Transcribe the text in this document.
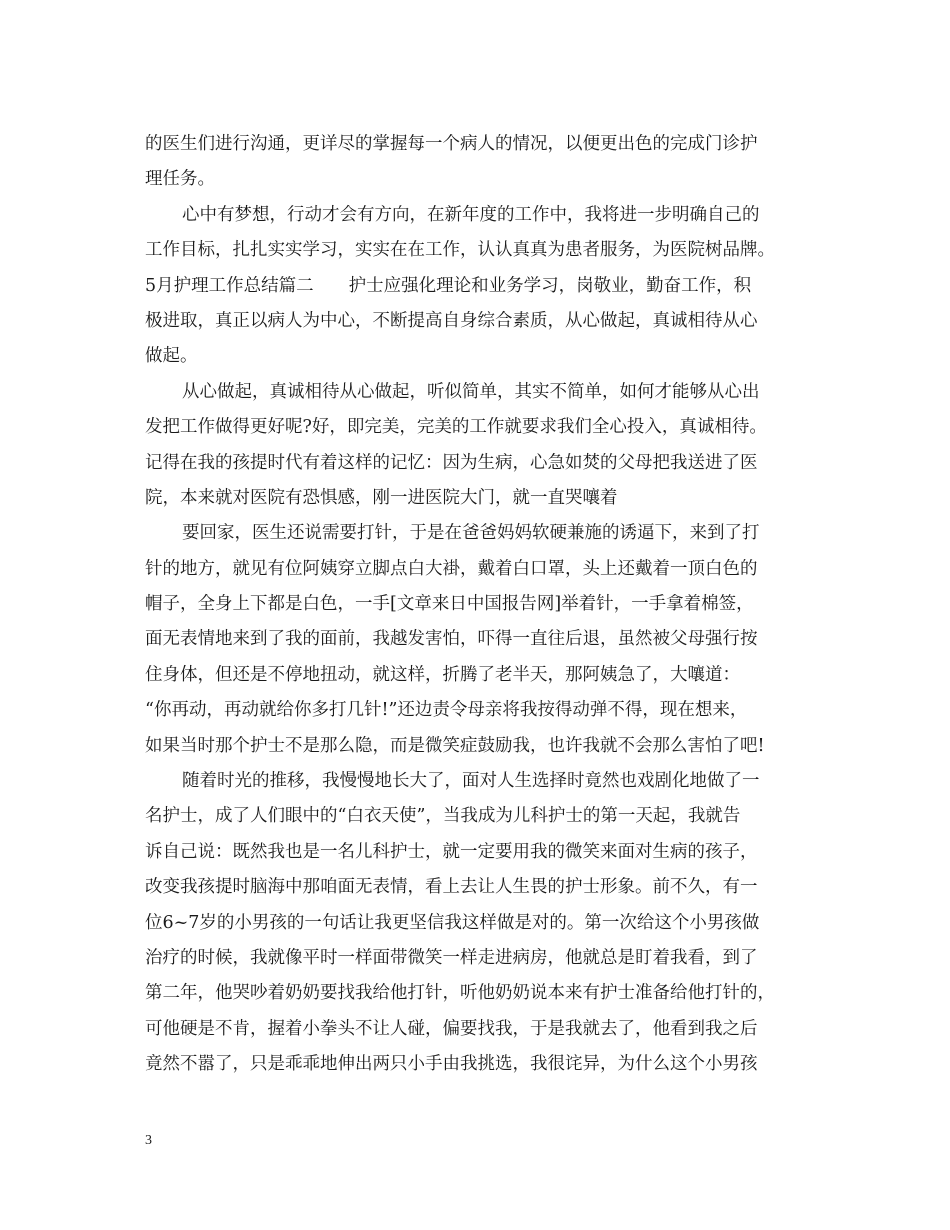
的医生们进行沟通，更详尽的掌握每一个病人的情况，以便更出色的完成门诊护
理任务。
心中有梦想，行动才会有方向，在新年度的工作中，我将进一步明确自己的
工作目标，扎扎实实学习，实实在在工作，认认真真为患者服务，为医院树品牌。
5月护理工作总结篇二　　护士应强化理论和业务学习，岗敬业，勤奋工作，积
极进取，真正以病人为中心，不断提高自身综合素质，从心做起，真诚相待从心
做起。
从心做起，真诚相待从心做起，听似简单，其实不简单，如何才能够从心出
发把工作做得更好呢?好，即完美，完美的工作就要求我们全心投入，真诚相待。
记得在我的孩提时代有着这样的记忆：因为生病，心急如焚的父母把我送进了医
院，本来就对医院有恐惧感，刚一进医院大门，就一直哭嚷着
要回家，医生还说需要打针，于是在爸爸妈妈软硬兼施的诱逼下，来到了打
针的地方，就见有位阿姨穿立脚点白大褂，戴着白口罩，头上还戴着一顶白色的
帽子，全身上下都是白色，一手[文章来日中国报告网]举着针，一手拿着棉签，
面无表情地来到了我的面前，我越发害怕，吓得一直往后退，虽然被父母强行按
住身体，但还是不停地扭动，就这样，折腾了老半天，那阿姨急了，大嚷道：
“你再动，再动就给你多打几针!”还边责令母亲将我按得动弹不得，现在想来，
如果当时那个护士不是那么隐，而是微笑症鼓励我，也许我就不会那么害怕了吧!
随着时光的推移，我慢慢地长大了，面对人生选择时竟然也戏剧化地做了一
名护士，成了人们眼中的“白衣天使”，当我成为儿科护士的第一天起，我就告
诉自己说：既然我也是一名儿科护士，就一定要用我的微笑来面对生病的孩子，
改变我孩提时脑海中那咱面无表情，看上去让人生畏的护士形象。前不久，有一
位6~7岁的小男孩的一句话让我更坚信我这样做是对的。第一次给这个小男孩做
治疗的时候，我就像平时一样面带微笑一样走进病房，他就总是盯着我看，到了
第二年，他哭吵着奶奶要找我给他打针，听他奶奶说本来有护士准备给他打针的，
可他硬是不肯，握着小拳头不让人碰，偏要找我，于是我就去了，他看到我之后
竟然不嚣了，只是乖乖地伸出两只小手由我挑选，我很诧异，为什么这个小男孩
3
